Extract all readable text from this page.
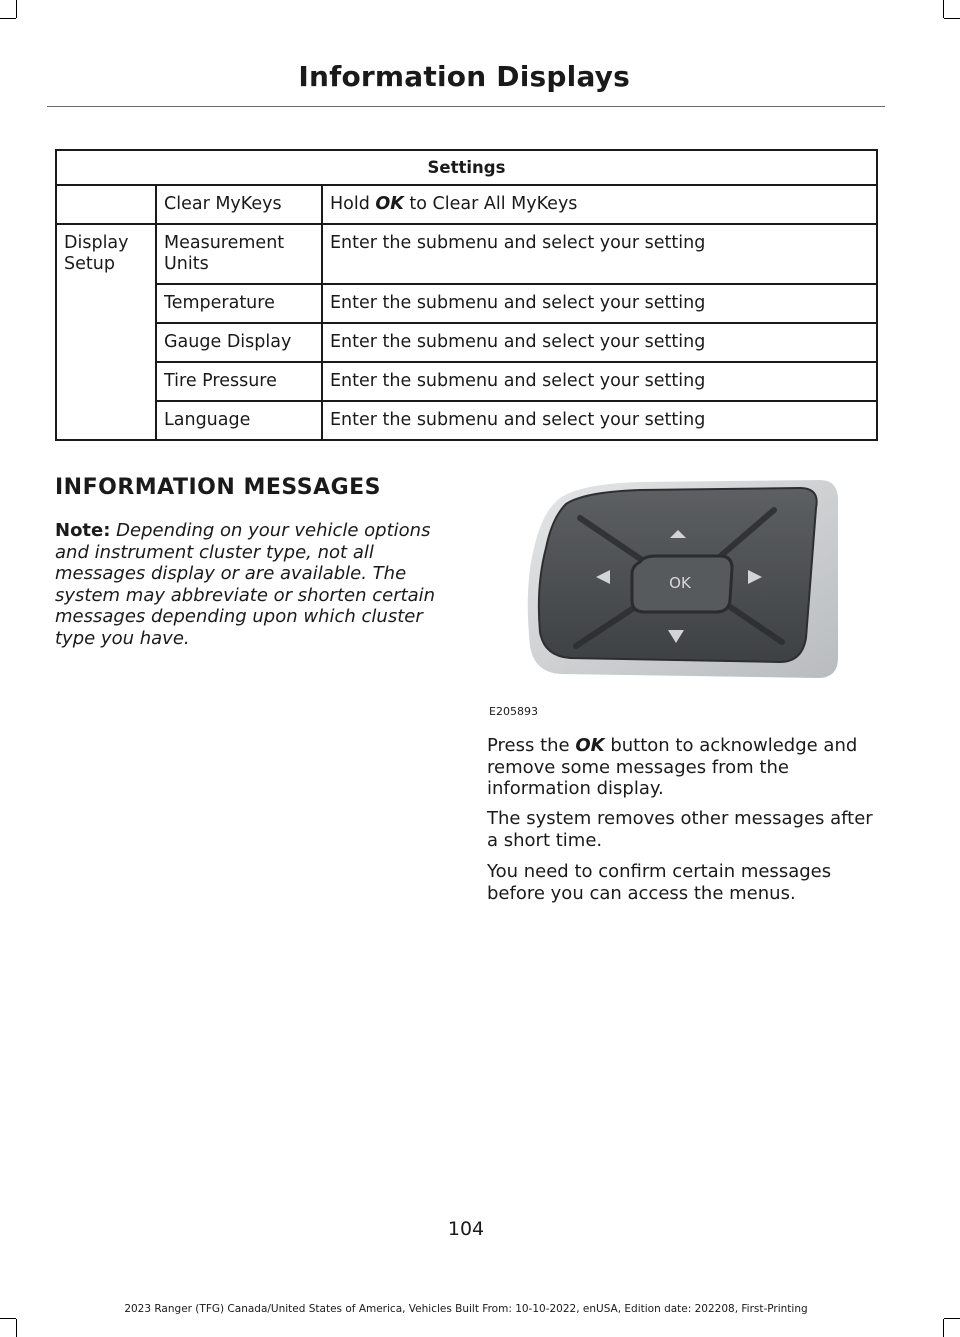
Information Displays
Settings		
	Clear MyKeys	Hold OK to Clear All MyKeys
Display Setup	Measurement Units	Enter the submenu and select your setting
	Temperature	Enter the submenu and select your setting
	Gauge Display	Enter the submenu and select your setting
	Tire Pressure	Enter the submenu and select your setting
	Language	Enter the submenu and select your setting
INFORMATION MESSAGES
Note: Depending on your vehicle options and instrument cluster type, not all messages display or are available. The system may abbreviate or shorten certain messages depending upon which cluster type you have.
OK
E205893

Press the OK button to acknowledge and remove some messages from the information display.

The system removes other messages after a short time.

You need to confirm certain messages before you can access the menus.

104
2023 Ranger (TFG) Canada/United States of America, Vehicles Built From: 10-10-2022, enUSA, Edition date: 202208, First-Printing
